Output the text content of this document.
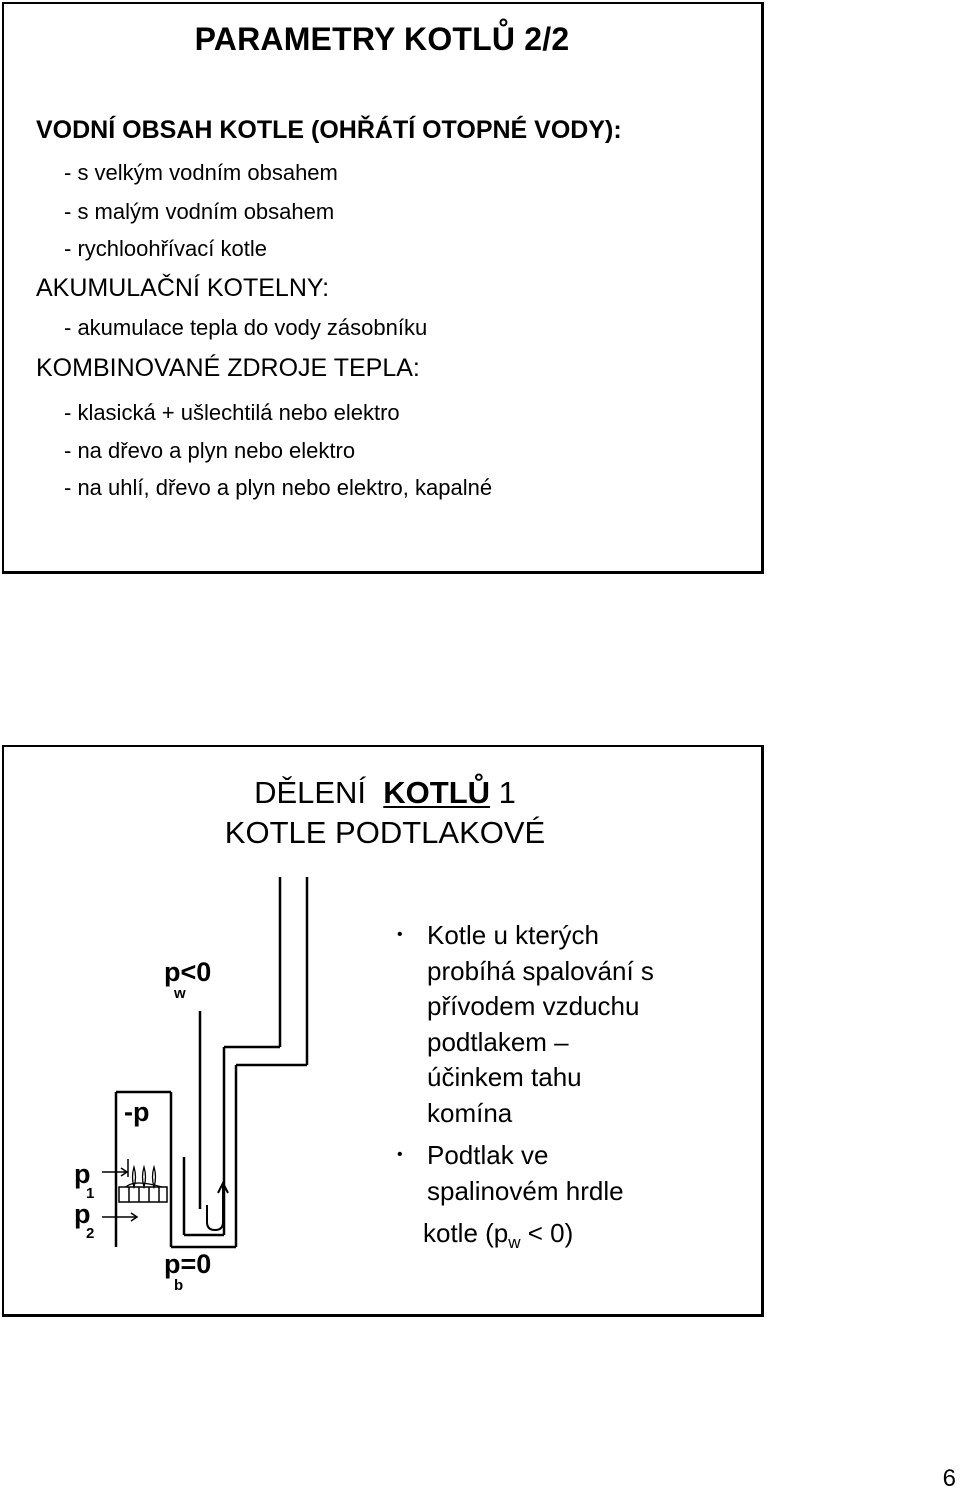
PARAMETRY KOTLŮ 2/2
VODNÍ OBSAH KOTLE (OHŘÁTÍ OTOPNÉ VODY):
- s velkým vodním obsahem
- s malým vodním obsahem
- rychloohřívací kotle
AKUMULAČNÍ KOTELNY:
- akumulace tepla do vody zásobníku
KOMBINOVANÉ ZDROJE TEPLA:
- klasická + ušlechtilá nebo elektro
- na dřevo a plyn nebo elektro
- na uhlí, dřevo a plyn nebo elektro, kapalné
DĚLENÍ KOTLŮ 1
KOTLE PODTLAKOVÉ
p<0
w
-p
p
1
p
2
p=0
b
• Kotle u kterých
probíhá spalování s
přívodem vzduchu
podtlakem –
účinkem tahu
komína
• Podtlak ve
spalinovém hrdle
kotle $(p_w < 0)$
6
